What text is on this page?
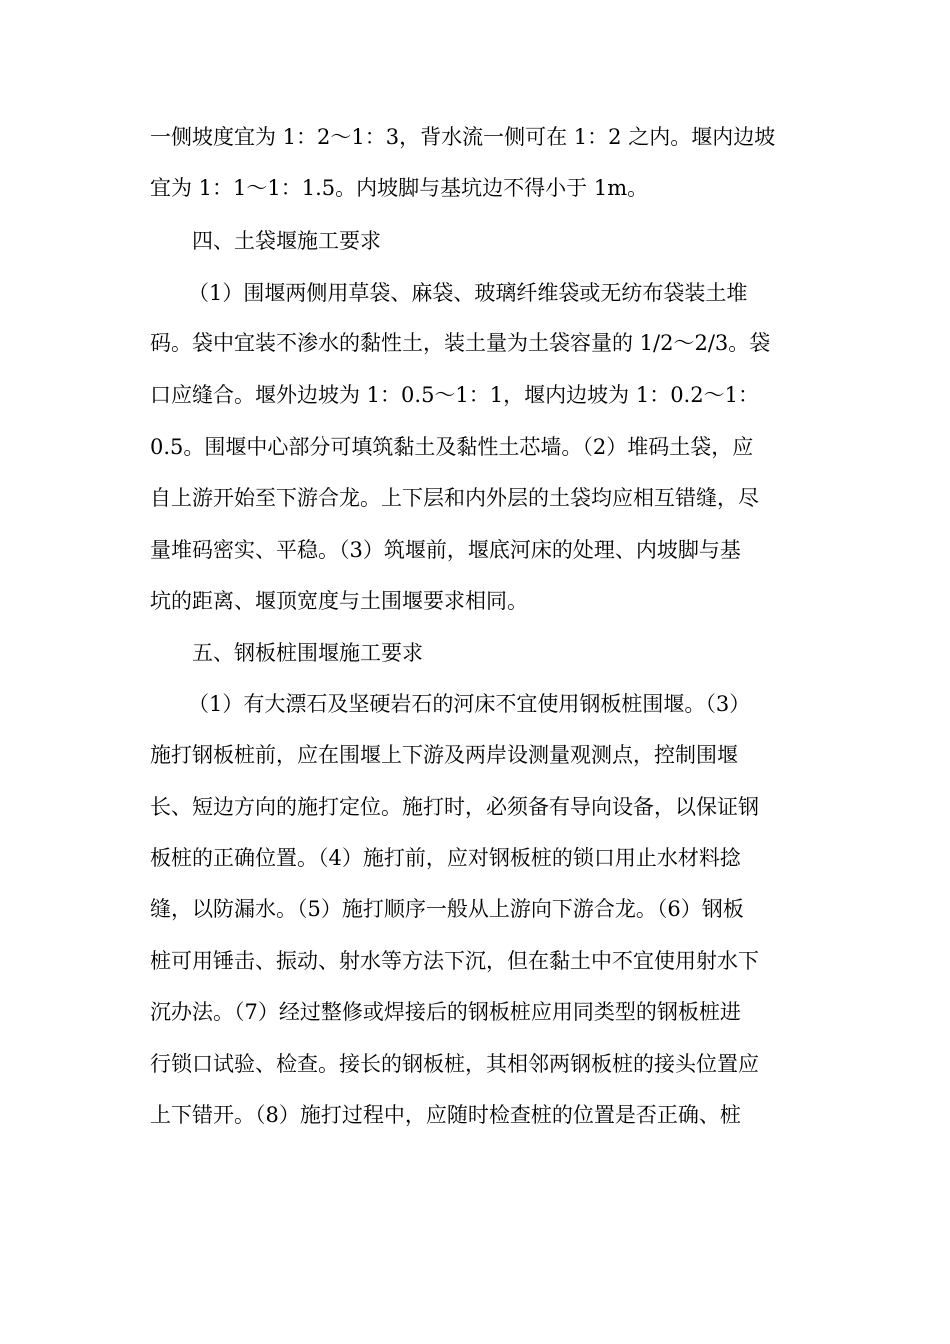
一侧坡度宜为 1：2～1：3，背水流一侧可在 1：2 之内。堰内边坡
宜为 1：1～1：1.5。内坡脚与基坑边不得小于 1m。
四、土袋堰施工要求
（1）围堰两侧用草袋、麻袋、玻璃纤维袋或无纺布袋装土堆
码。袋中宜装不渗水的黏性土，装土量为土袋容量的 1/2～2/3。袋
口应缝合。堰外边坡为 1：0.5～1：1，堰内边坡为 1：0.2～1：
0.5。围堰中心部分可填筑黏土及黏性土芯墙。（2）堆码土袋，应
自上游开始至下游合龙。上下层和内外层的土袋均应相互错缝，尽
量堆码密实、平稳。（3）筑堰前，堰底河床的处理、内坡脚与基
坑的距离、堰顶宽度与土围堰要求相同。
五、钢板桩围堰施工要求
（1）有大漂石及坚硬岩石的河床不宜使用钢板桩围堰。（3）
施打钢板桩前，应在围堰上下游及两岸设测量观测点，控制围堰
长、短边方向的施打定位。施打时，必须备有导向设备，以保证钢
板桩的正确位置。（4）施打前，应对钢板桩的锁口用止水材料捻
缝，以防漏水。（5）施打顺序一般从上游向下游合龙。（6）钢板
桩可用锤击、振动、射水等方法下沉，但在黏土中不宜使用射水下
沉办法。（7）经过整修或焊接后的钢板桩应用同类型的钢板桩进
行锁口试验、检查。接长的钢板桩，其相邻两钢板桩的接头位置应
上下错开。（8）施打过程中，应随时检查桩的位置是否正确、桩
